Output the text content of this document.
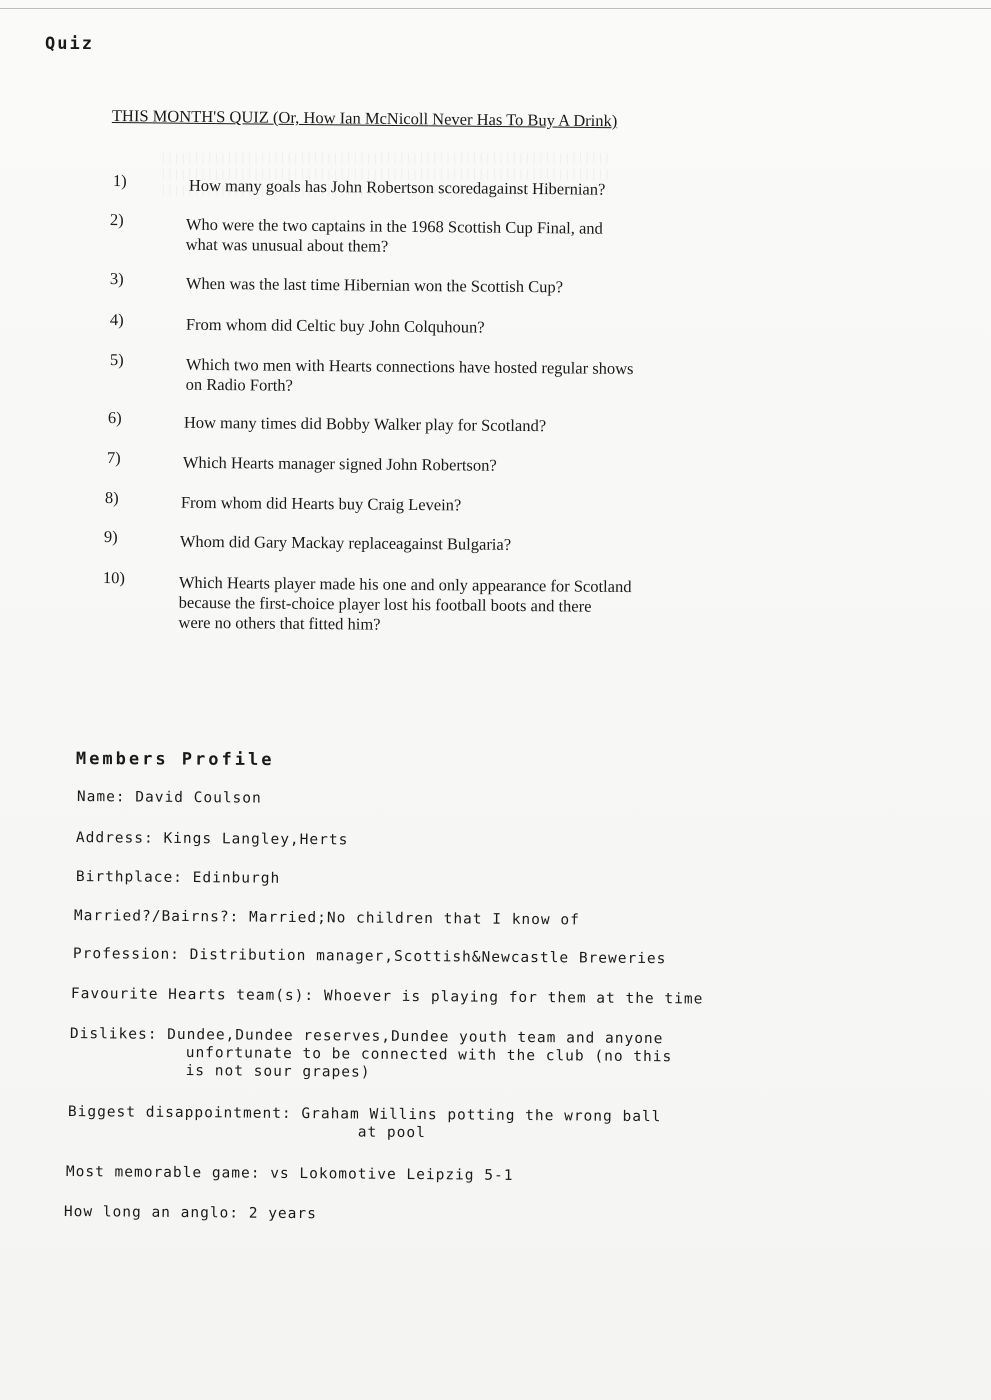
Quiz
THIS MONTH'S QUIZ (Or, How Ian McNicoll Never Has To Buy A Drink)
1)	How many goals has John Robertson scoredagainst Hibernian?
2)	Who were the two captains in the 1968 Scottish Cup Final, and
what was unusual about them?
3)	When was the last time Hibernian won the Scottish Cup?
4)	From whom did Celtic buy John Colquhoun?
5)	Which two men with Hearts connections have hosted regular shows
on Radio Forth?
6)	How many times did Bobby Walker play for Scotland?
7)	Which Hearts manager signed John Robertson?
8)	From whom did Hearts buy Craig Levein?
9)	Whom did Gary Mackay replaceagainst Bulgaria?
10)	Which Hearts player made his one and only appearance for Scotland
because the first-choice player lost his football boots and there
were no others that fitted him?
Members Profile
Name: David Coulson
Address: Kings Langley,Herts
Birthplace: Edinburgh
Married?/Bairns?: Married;No children that I know of
Profession: Distribution manager,Scottish&Newcastle Breweries
Favourite Hearts team(s): Whoever is playing for them at the time
Dislikes: Dundee,Dundee reserves,Dundee youth team and anyone
unfortunate to be connected with the club (no this
is not sour grapes)
Biggest disappointment: Graham Willins potting the wrong ball
at pool
Most memorable game: vs Lokomotive Leipzig 5-1
How long an anglo: 2 years
